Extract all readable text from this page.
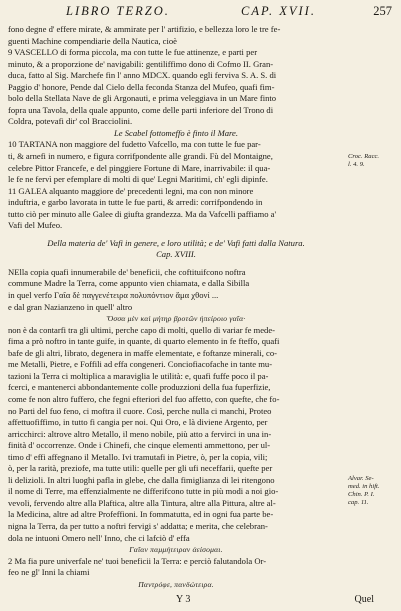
LIBRO TERZO.	CAP. XVII.	257
fono degne d' effere mirate, & ammirate per l' artifizio, e bellezza loro le tre fe-
guenti Machine compendiarie della Nautica, cioè
9 VASCELLO di forma piccola, ma con tutte le fue attinenze, e parti per
minuto, & a proporzione de' navigabili: gentiliffimo dono di Cofmo II. Gran-
duca, fatto al Sig. Marchefe fin l' anno MDCX. quando egli ferviva S. A. S. di
Paggio d' honore, Pende dal Cielo della feconda Stanza del Mufeo, quafi fim-
bolo della Stellata Nave de gli Argonauti, e prima veleggiava in un Mare finto
fopra una Tavola, della quale appunto, come delle parti inferiore del Trono di
Coldra, potevafi dir' col Bracciolini.
Le Scabel fottomeffo è finto il Mare.
10 TARTANA non maggiore del fudetto Vafcello, ma con tutte le fue par-
ti, & arnefi in numero, e figura corrifpondente alle grandi. Fù del Montaigne,
celebre Pittor Francefe, e del pinggiere Fortune di Mare, inarrivabile: il qua-
le fe ne fervì per efemplare di molti di que' Legni Maritimi, ch' egli dipinfe.
11 GALEA alquanto maggiore de' precedenti legni, ma con non minore
induftria, e garbo lavorata in tutte le fue parti, & arredi: corrifpondendo in
tutto ciò per minuto alle Galee di giufta grandezza. Ma da Vafcelli paffiamo a'
Vafi del Mufeo.
Della materia de' Vafi in genere, e loro utilità; e de' Vafi fatti dalla Natura.
Cap. XVIII.
NElla copia quafi innumerabile de' beneficii, che coftituifcono noftra
commune Madre la Terra, come appunto vien chiamata, e dalla Sibilla
in quel verfo Γαῖα δὲ παγγενέτειρα πολυπόντιον ἅμα χθονί ...
e dal gran Nazianzeno in quell' altro
Ὅσσα μὲν καὶ μήτηρ βροτῶν ἠπείροιο γαῖα·
non è da contarfi tra gli ultimi, perche capo di molti, quello di variar fe mede-
fima a prò noftro in tante guife, in quante, di quarto elemento in fe fteffo, quafi
bafe de gli altri, librato, degenera in maffe elementate, e foftanze minerali, co-
me Metalli, Pietre, e Foffili ad effa congeneri. Conciofiacofache in tante mu-
tazioni la Terra ci moltiplica a maraviglia le utilità: e, quafi fuffe poco il pa-
fcerci, e mantenerci abbondantemente colle produzzioni della fua fuperfizie,
come fe non altro fuffero, che fegni efteriori del fuo affetto, con quefte, che fo-
no Parti del fuo feno, ci moftra il cuore. Così, perche nulla ci manchi, Proteo
affettuofiffimo, in tutto fi cangia per noi. Qui Oro, e là diviene Argento, per
arricchirci: altrove altro Metallo, il meno nobile, più atto a fervirci in una in-
finità d' occorrenze. Onde i Chinefi, che cinque elementi ammettono, per ul-
timo d' effi affegnano il Metallo. Ivi tramutafi in Pietre, ò, per la copia, vili;
ò, per la rarità, preziofe, ma tutte utili: quelle per gli ufi neceffarii, quefte per
li delizioli. In altri luoghi pafla in glebe, che dalla fimiglianza di lei ritengono
il nome di Terre, ma effenzialmente ne differifcono tutte in più modi a noi gio-
vevoli, fervendo altre alla Plaftica, altre alla Tintura, altre alla Pittura, altre al-
la Medicina, altre ad altre Profeffioni. In fommatutta, ed in ogni fua parte be-
nigna la Terra, da per tutto a noftri fervigi s' addatta; e merita, che celebran-
dola ne intuoni Omero nell' Inno, che ci lafciò d' effa
Γαῖαν παμμήτειραν ἀείσομαι.
2 Ma fia pure univerfale ne' tuoi beneficii la Terra: e perciò falutandola Or-
feo ne gl' Inni la chiami
Παντρόφε, πανδώτειρα.
Croc. Racc.
l. 4. 9.
Alvar. Se-
med. in hift.
Chin. P. I.
cap. 11.
Y 3	Quel
